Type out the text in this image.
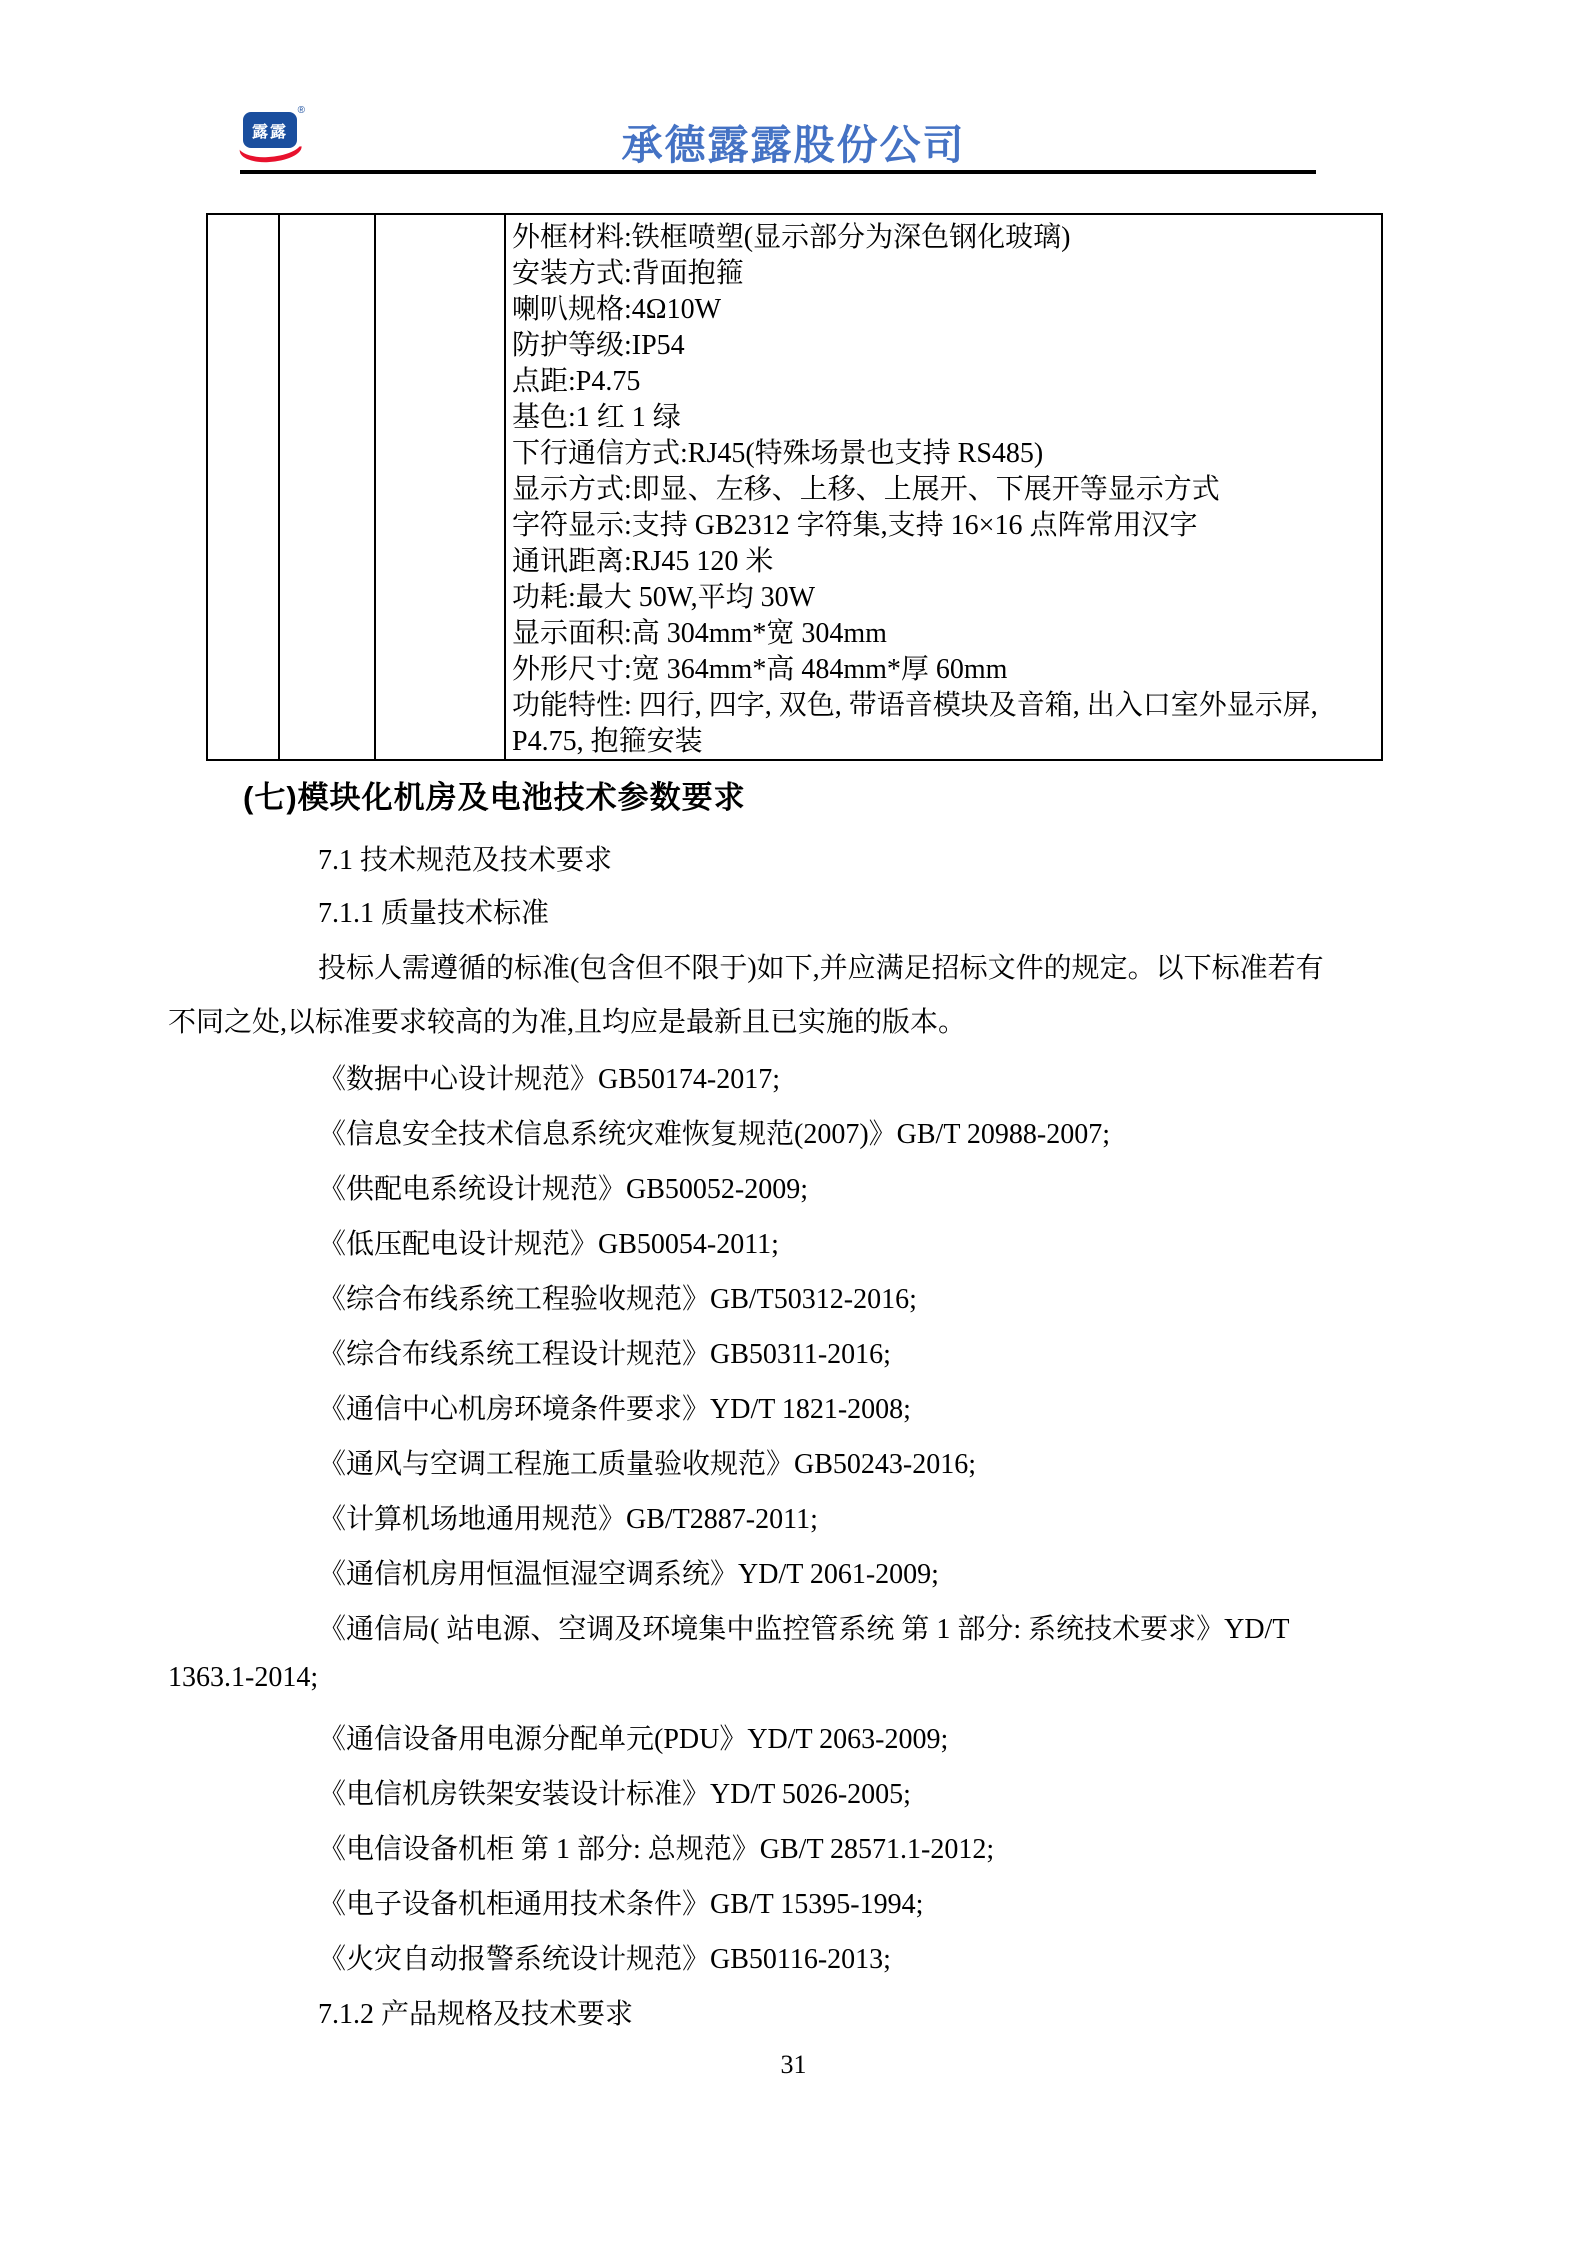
露露
®
承德露露股份公司
外框材料:铁框喷塑(显示部分为深色钢化玻璃)
安装方式:背面抱箍
喇叭规格:4Ω10W
防护等级:IP54
点距:P4.75
基色:1 红 1 绿
下行通信方式:RJ45(特殊场景也支持 RS485)
显示方式:即显、左移、上移、上展开、下展开等显示方式
字符显示:支持 GB2312 字符集,支持 16×16 点阵常用汉字
通讯距离:RJ45 120 米
功耗:最大 50W,平均 30W
显示面积:高 304mm*宽 304mm
外形尺寸:宽 364mm*高 484mm*厚 60mm
功能特性: 四行, 四字, 双色, 带语音模块及音箱, 出入口室外显示屏,
P4.75, 抱箍安装
(七)模块化机房及电池技术参数要求
7.1 技术规范及技术要求
7.1.1 质量技术标准
投标人需遵循的标准(包含但不限于)如下,并应满足招标文件的规定。以下标准若有
不同之处,以标准要求较高的为准,且均应是最新且已实施的版本。
《数据中心设计规范》GB50174-2017;
《信息安全技术信息系统灾难恢复规范(2007)》GB/T 20988-2007;
《供配电系统设计规范》GB50052-2009;
《低压配电设计规范》GB50054-2011;
《综合布线系统工程验收规范》GB/T50312-2016;
《综合布线系统工程设计规范》GB50311-2016;
《通信中心机房环境条件要求》YD/T 1821-2008;
《通风与空调工程施工质量验收规范》GB50243-2016;
《计算机场地通用规范》GB/T2887-2011;
《通信机房用恒温恒湿空调系统》YD/T 2061-2009;
《通信局( 站电源、空调及环境集中监控管系统 第 1 部分: 系统技术要求》YD/T
1363.1-2014;
《通信设备用电源分配单元(PDU》YD/T 2063-2009;
《电信机房铁架安装设计标准》YD/T 5026-2005;
《电信设备机柜 第 1 部分: 总规范》GB/T 28571.1-2012;
《电子设备机柜通用技术条件》GB/T 15395-1994;
《火灾自动报警系统设计规范》GB50116-2013;
7.1.2 产品规格及技术要求
31
